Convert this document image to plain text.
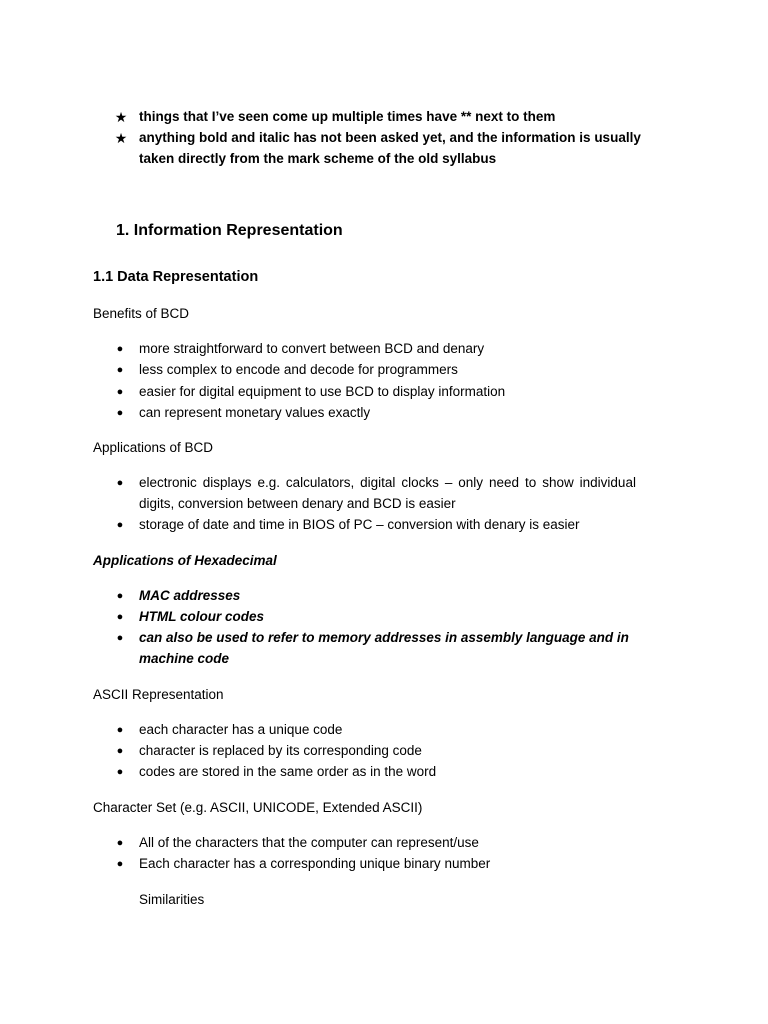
★ things that I’ve seen come up multiple times have ** next to them
★ anything bold and italic has not been asked yet, and the information is usually
taken directly from the mark scheme of the old syllabus
1. Information Representation
1.1 Data Representation
Benefits of BCD
● more straightforward to convert between BCD and denary
● less complex to encode and decode for programmers
● easier for digital equipment to use BCD to display information
● can represent monetary values exactly
Applications of BCD
● electronic displays e.g. calculators, digital clocks – only need to show individual
digits, conversion between denary and BCD is easier
● storage of date and time in BIOS of PC – conversion with denary is easier
Applications of Hexadecimal
● MAC addresses
● HTML colour codes
● can also be used to refer to memory addresses in assembly language and in
machine code
ASCII Representation
● each character has a unique code
● character is replaced by its corresponding code
● codes are stored in the same order as in the word
Character Set (e.g. ASCII, UNICODE, Extended ASCII)
● All of the characters that the computer can represent/use
● Each character has a corresponding unique binary number
Similarities
